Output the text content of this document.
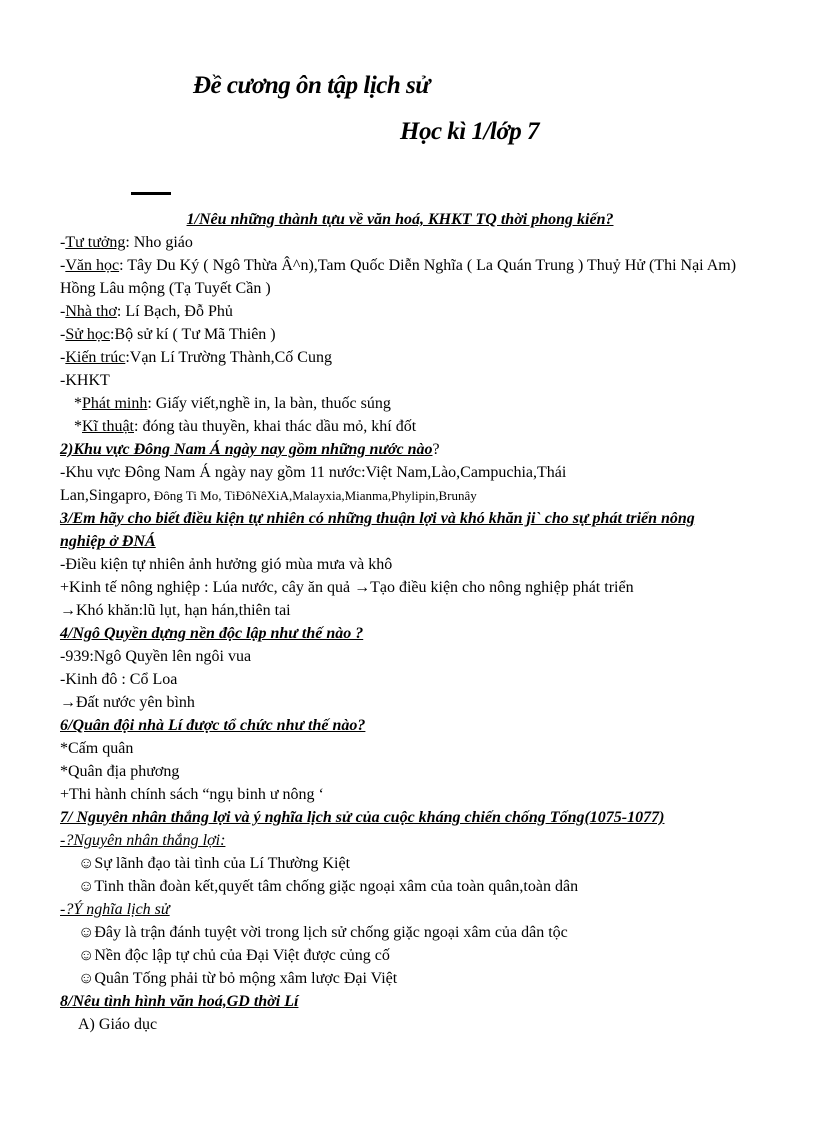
Đề cương ôn tập lịch sử
Học kì 1/lớp 7
1/Nêu những thành tựu về văn hoá, KHKT TQ thời phong kiến?
-Tư tưởng: Nho giáo
-Văn học: Tây Du Ký ( Ngô Thừa Â^n),Tam Quốc Diễn Nghĩa ( La Quán Trung ) Thuỷ Hử (Thi Nại Am) Hồng Lâu mộng (Tạ Tuyết Cần )
-Nhà thơ: Lí Bạch, Đỗ Phủ
-Sử học:Bộ sử kí ( Tư Mã Thiên )
-Kiến trúc:Vạn Lí Trường Thành,Cố Cung
-KHKT
*Phát minh: Giấy viết,nghề in, la bàn, thuốc súng
*Kĩ thuật: đóng tàu thuyền, khai thác dầu mỏ, khí đốt
2)Khu vực Đông Nam Á ngày nay gồm những nước nào?
-Khu vực Đông Nam Á ngày nay gồm 11 nước:Việt Nam,Lào,Campuchia,Thái
Lan,Singapro, Đông Ti Mo, TiĐôNêXiA,Malayxia,Mianma,Phylipin,Brunây
3/Em hãy cho biết điều kiện tự nhiên có những thuận lợi và khó khăn ji` cho sự phát triển nông nghiệp ở ĐNÁ
-Điều kiện tự nhiên ảnh hưởng gió mùa mưa và khô
+Kinh tế nông nghiệp : Lúa nước, cây ăn quả →Tạo điều kiện cho nông nghiệp phát triển
→Khó khăn:lũ lụt, hạn hán,thiên tai
4/Ngô Quyền dựng nền độc lập như thế nào ?
-939:Ngô Quyền lên ngôi vua
-Kinh đô : Cổ Loa
→Đất nước yên bình
6/Quân đội nhà Lí được tổ chức như thế nào?
*Cấm quân
*Quân địa phương
+Thi hành chính sách “ngụ binh ư nông ‘
7/ Nguyên nhân thắng lợi và ý nghĩa lịch sử của cuộc kháng chiến chống Tống(1075-1077)
-?Nguyên nhân thắng lợi:
☺Sự lãnh đạo tài tình của Lí Thường Kiệt
☺Tinh thần đoàn kết,quyết tâm chống giặc ngoại xâm của toàn quân,toàn dân
-?Ý nghĩa lịch sử
☺Đây là trận đánh tuyệt vời trong lịch sử chống giặc ngoại xâm của dân tộc
☺Nền độc lập tự chủ của Đại Việt được củng cố
☺Quân Tống phải từ bỏ mộng xâm lược Đại Việt
8/Nêu tình hình văn hoá,GD thời Lí
A) Giáo dục
